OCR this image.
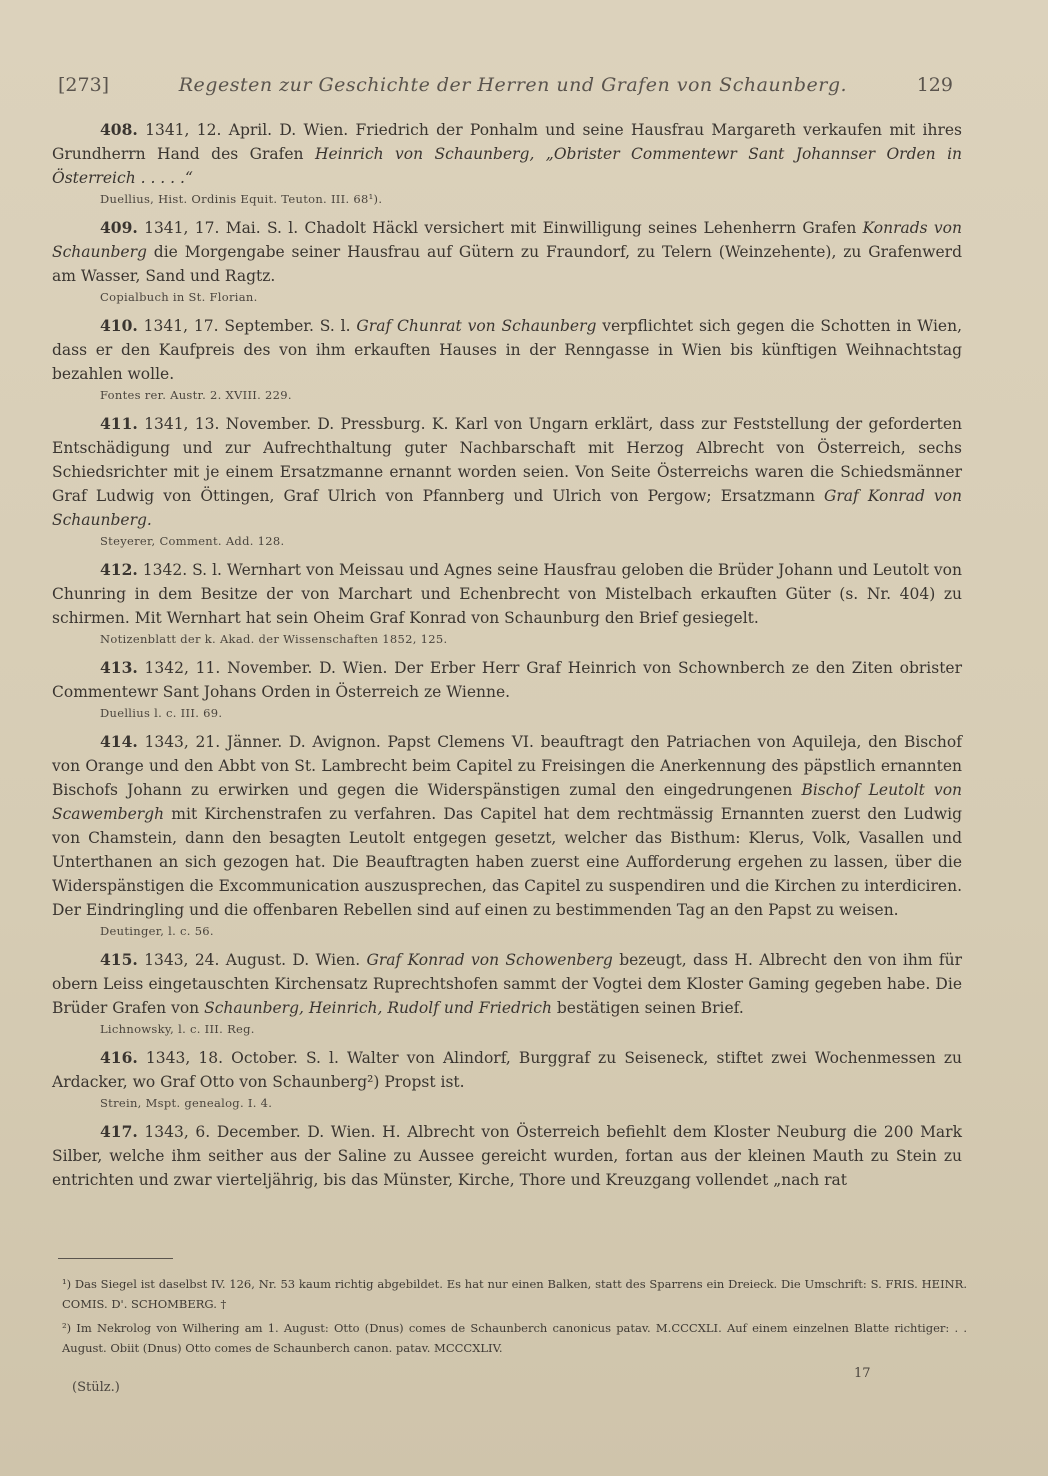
[273]	Regesten zur Geschichte der Herren und Grafen von Schaunberg.	129

408. 1341, 12. April. D. Wien. Friedrich der Ponhalm und seine Hausfrau Margareth verkaufen mit ihres Grundherrn Hand des Grafen Heinrich von Schaunberg, „Obrister Commentewr Sant Johannser Orden in Österreich . . . . .“

Duellius, Hist. Ordinis Equit. Teuton. III. 68¹).

409. 1341, 17. Mai. S. l. Chadolt Häckl versichert mit Einwilligung seines Lehenherrn Grafen Konrads von Schaunberg die Morgengabe seiner Hausfrau auf Gütern zu Fraundorf, zu Telern (Weinzehente), zu Grafenwerd am Wasser, Sand und Ragtz.

Copialbuch in St. Florian.

410. 1341, 17. September. S. l. Graf Chunrat von Schaunberg verpflichtet sich gegen die Schotten in Wien, dass er den Kaufpreis des von ihm erkauften Hauses in der Renngasse in Wien bis künftigen Weihnachtstag bezahlen wolle.

Fontes rer. Austr. 2. XVIII. 229.

411. 1341, 13. November. D. Pressburg. K. Karl von Ungarn erklärt, dass zur Feststellung der geforderten Entschädigung und zur Aufrechthaltung guter Nachbarschaft mit Herzog Albrecht von Österreich, sechs Schiedsrichter mit je einem Ersatzmanne ernannt worden seien. Von Seite Österreichs waren die Schiedsmänner Graf Ludwig von Öttingen, Graf Ulrich von Pfannberg und Ulrich von Pergow; Ersatzmann Graf Konrad von Schaunberg.

Steyerer, Comment. Add. 128.

412. 1342. S. l. Wernhart von Meissau und Agnes seine Hausfrau geloben die Brüder Johann und Leutolt von Chunring in dem Besitze der von Marchart und Echenbrecht von Mistelbach erkauften Güter (s. Nr. 404) zu schirmen. Mit Wernhart hat sein Oheim Graf Konrad von Schaunburg den Brief gesiegelt.

Notizenblatt der k. Akad. der Wissenschaften 1852, 125.

413. 1342, 11. November. D. Wien. Der Erber Herr Graf Heinrich von Schownberch ze den Ziten obrister Commentewr Sant Johans Orden in Österreich ze Wienne.

Duellius l. c. III. 69.

414. 1343, 21. Jänner. D. Avignon. Papst Clemens VI. beauftragt den Patriachen von Aquileja, den Bischof von Orange und den Abbt von St. Lambrecht beim Capitel zu Freisingen die Anerkennung des päpstlich ernannten Bischofs Johann zu erwirken und gegen die Widerspänstigen zumal den eingedrungenen Bischof Leutolt von Scawembergh mit Kirchenstrafen zu verfahren. Das Capitel hat dem rechtmässig Ernannten zuerst den Ludwig von Chamstein, dann den besagten Leutolt entgegen gesetzt, welcher das Bisthum: Klerus, Volk, Vasallen und Unterthanen an sich gezogen hat. Die Beauftragten haben zuerst eine Aufforderung ergehen zu lassen, über die Widerspänstigen die Excommunication auszusprechen, das Capitel zu suspendiren und die Kirchen zu interdiciren. Der Eindringling und die offenbaren Rebellen sind auf einen zu bestimmenden Tag an den Papst zu weisen.

Deutinger, l. c. 56.

415. 1343, 24. August. D. Wien. Graf Konrad von Schowenberg bezeugt, dass H. Albrecht den von ihm für obern Leiss eingetauschten Kirchensatz Ruprechtshofen sammt der Vogtei dem Kloster Gaming gegeben habe. Die Brüder Grafen von Schaunberg, Heinrich, Rudolf und Friedrich bestätigen seinen Brief.

Lichnowsky, l. c. III. Reg.

416. 1343, 18. October. S. l. Walter von Alindorf, Burggraf zu Seiseneck, stiftet zwei Wochenmessen zu Ardacker, wo Graf Otto von Schaunberg²) Propst ist.

Strein, Mspt. genealog. I. 4.

417. 1343, 6. December. D. Wien. H. Albrecht von Österreich befiehlt dem Kloster Neuburg die 200 Mark Silber, welche ihm seither aus der Saline zu Aussee gereicht wurden, fortan aus der kleinen Mauth zu Stein zu entrichten und zwar vierteljährig, bis das Münster, Kirche, Thore und Kreuzgang vollendet „nach rat

¹) Das Siegel ist daselbst IV. 126, Nr. 53 kaum richtig abgebildet. Es hat nur einen Balken, statt des Sparrens ein Dreieck. Die Umschrift: S. FRIS. HEINR. COMIS. D'. SCHOMBERG. †

²) Im Nekrolog von Wilhering am 1. August: Otto (Dnus) comes de Schaunberch canonicus patav. M.CCCXLI. Auf einem einzelnen Blatte richtiger: . . August. Obiit (Dnus) Otto comes de Schaunberch canon. patav. MCCCXLIV.

(Stülz.)
17
